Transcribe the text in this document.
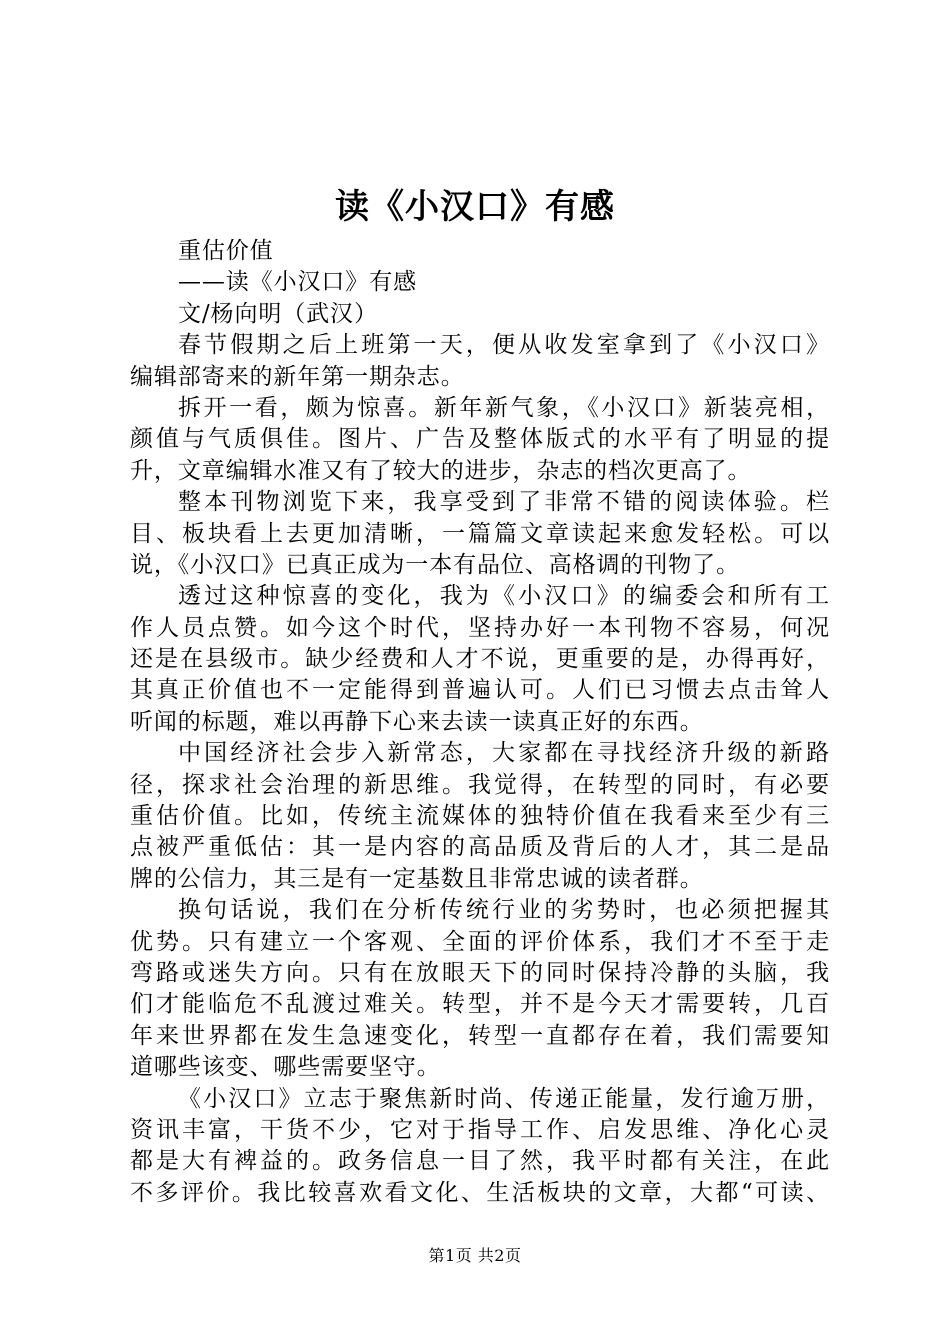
读《小汉口》有感
重估价值
——读《小汉口》有感
文/杨向明（武汉）
春节假期之后上班第一天，便从收发室拿到了《小汉口》
编辑部寄来的新年第一期杂志。
拆开一看，颇为惊喜。新年新气象，《小汉口》新装亮相，
颜值与气质俱佳。图片、广告及整体版式的水平有了明显的提
升，文章编辑水准又有了较大的进步，杂志的档次更高了。
整本刊物浏览下来，我享受到了非常不错的阅读体验。栏
目、板块看上去更加清晰，一篇篇文章读起来愈发轻松。可以
说，《小汉口》已真正成为一本有品位、高格调的刊物了。
透过这种惊喜的变化，我为《小汉口》的编委会和所有工
作人员点赞。如今这个时代，坚持办好一本刊物不容易，何况
还是在县级市。缺少经费和人才不说，更重要的是，办得再好，
其真正价值也不一定能得到普遍认可。人们已习惯去点击耸人
听闻的标题，难以再静下心来去读一读真正好的东西。
中国经济社会步入新常态，大家都在寻找经济升级的新路
径，探求社会治理的新思维。我觉得，在转型的同时，有必要
重估价值。比如，传统主流媒体的独特价值在我看来至少有三
点被严重低估：其一是内容的高品质及背后的人才，其二是品
牌的公信力，其三是有一定基数且非常忠诚的读者群。
换句话说，我们在分析传统行业的劣势时，也必须把握其
优势。只有建立一个客观、全面的评价体系，我们才不至于走
弯路或迷失方向。只有在放眼天下的同时保持冷静的头脑，我
们才能临危不乱渡过难关。转型，并不是今天才需要转，几百
年来世界都在发生急速变化，转型一直都存在着，我们需要知
道哪些该变、哪些需要坚守。
《小汉口》立志于聚焦新时尚、传递正能量，发行逾万册，
资讯丰富，干货不少，它对于指导工作、启发思维、净化心灵
都是大有裨益的。政务信息一目了然，我平时都有关注，在此
不多评价。我比较喜欢看文化、生活板块的文章，大都“可读、
第1页 共2页
